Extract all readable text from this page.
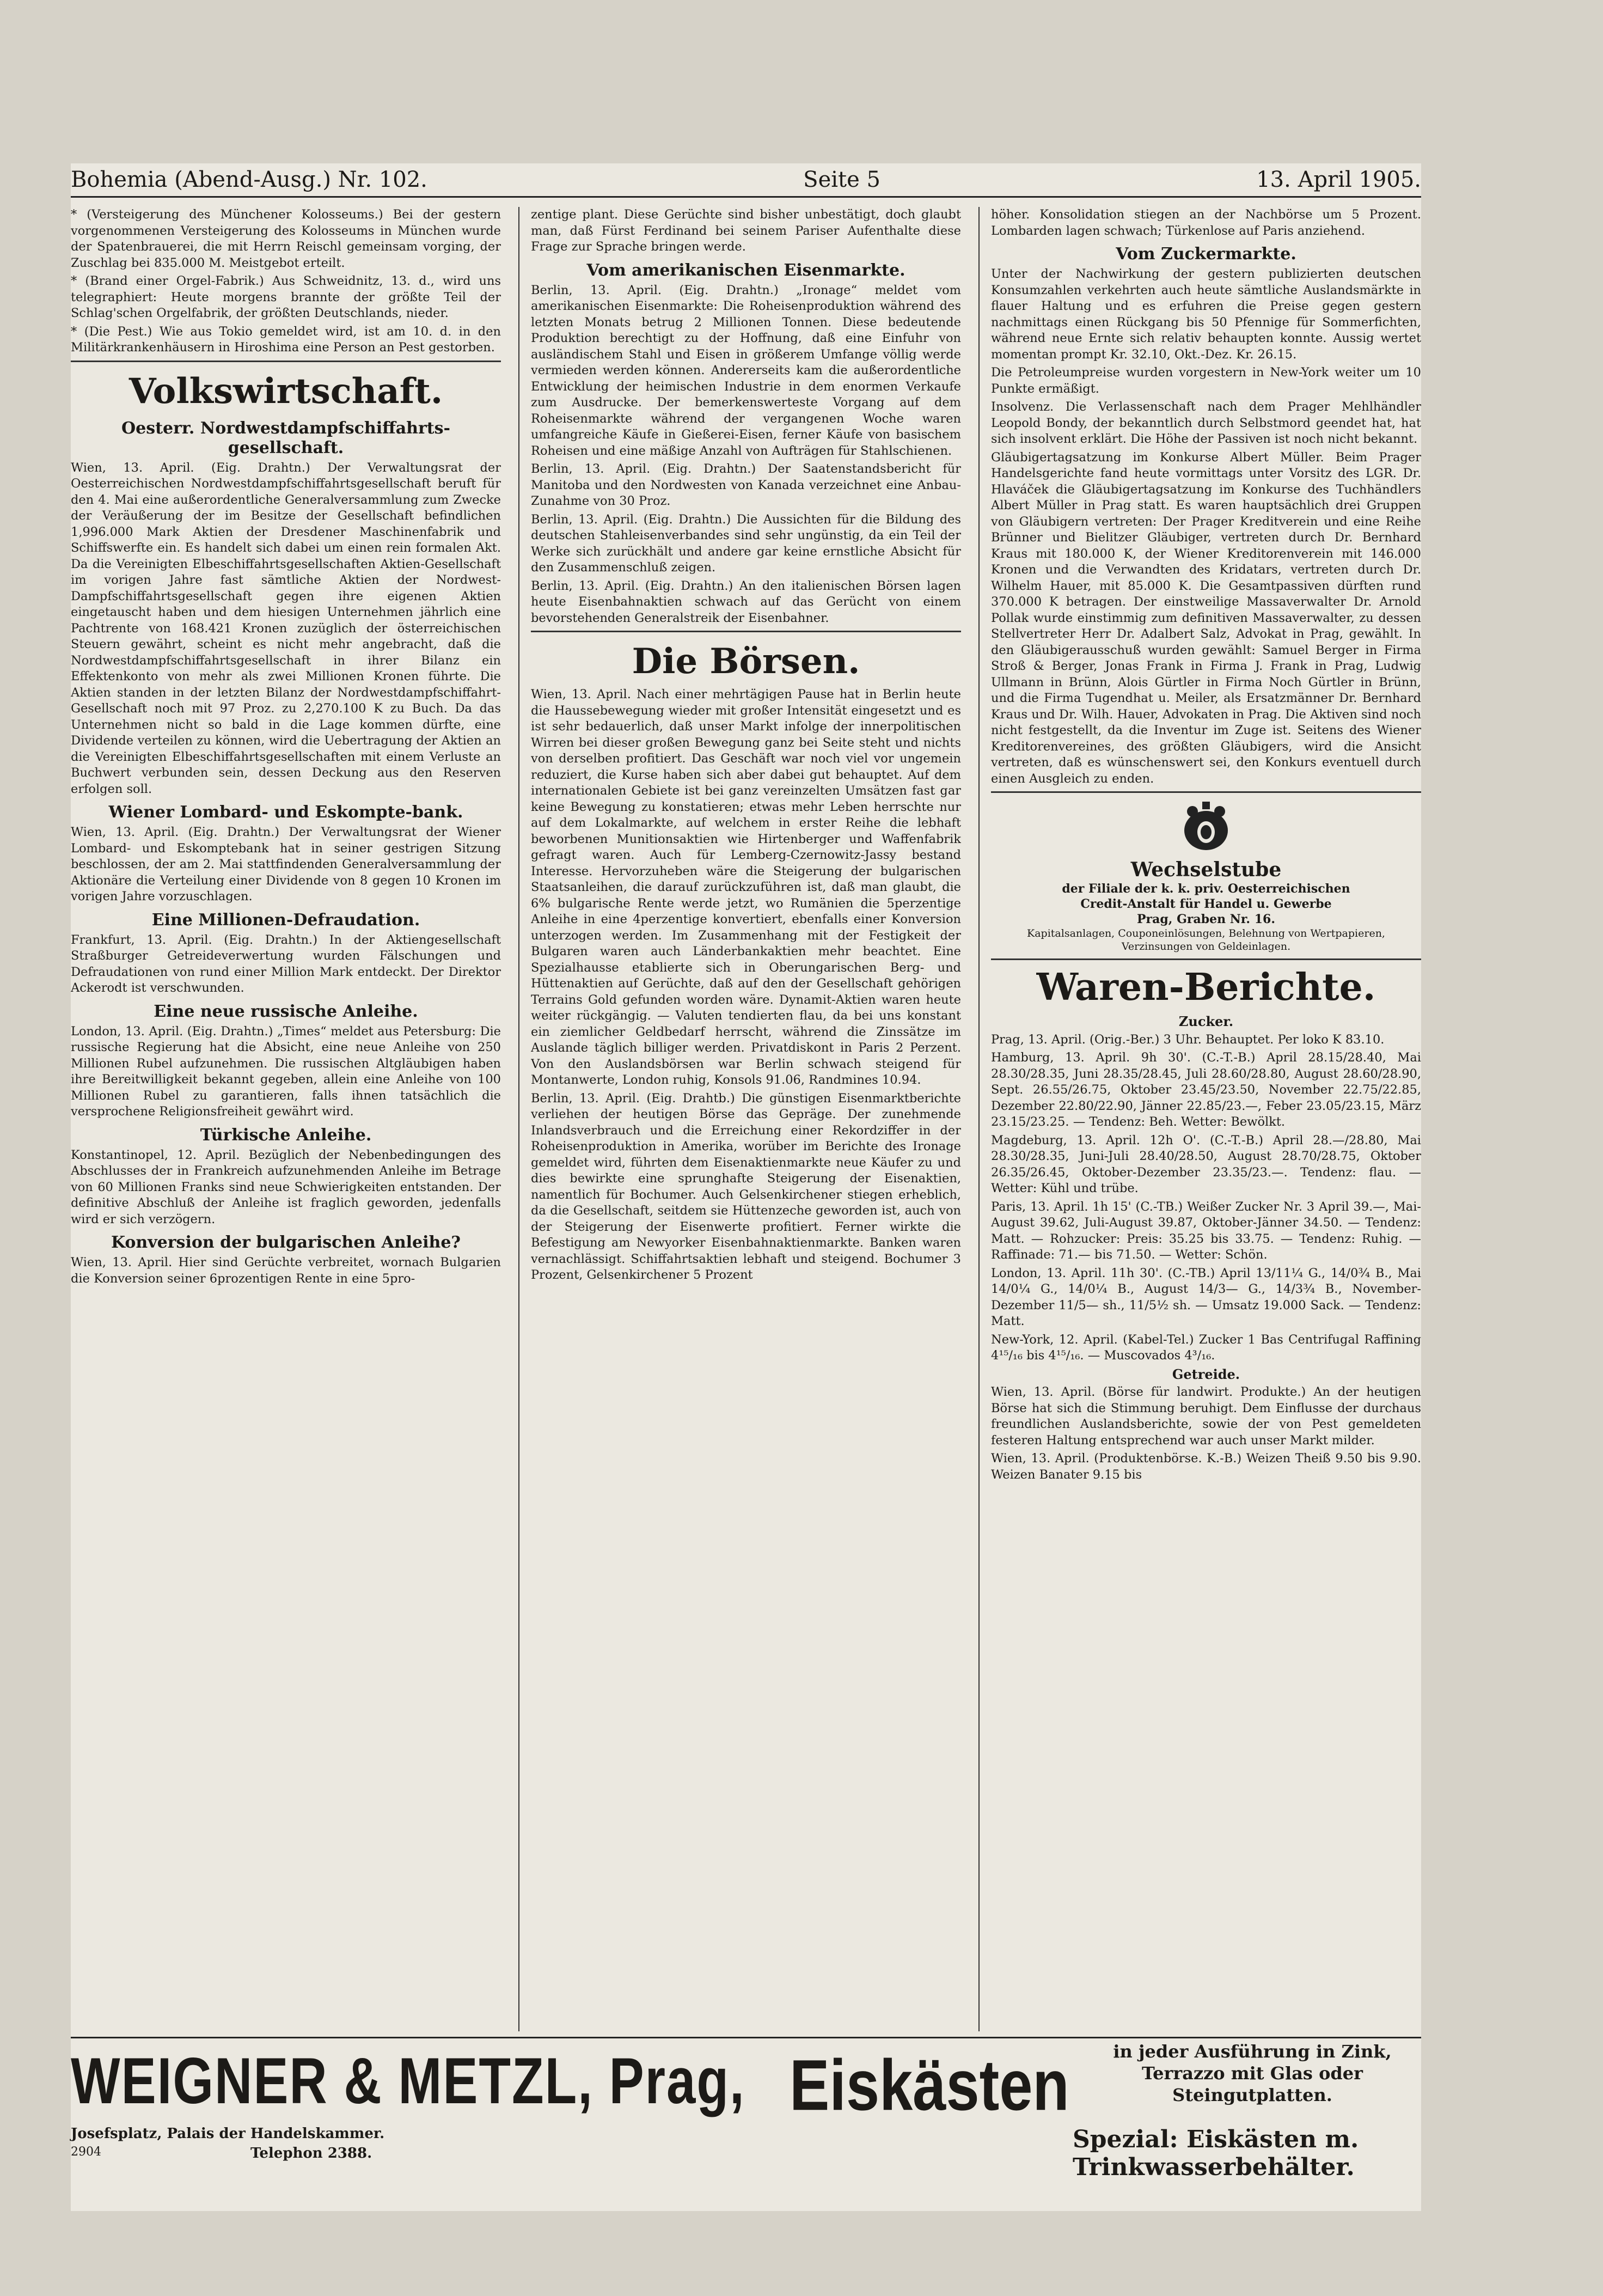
Bohemia (Abend-Ausg.) Nr. 102.	Seite 5	13. April 1905.

* (Versteigerung des Münchener Kolosseums.) Bei der gestern vorgenommenen Versteigerung des Kolosseums in München wurde der Spatenbrauerei, die mit Herrn Reischl gemeinsam vorging, der Zuschlag bei 835.000 M. Meistgebot erteilt.

* (Brand einer Orgel-Fabrik.) Aus Schweidnitz, 13. d., wird uns telegraphiert: Heute morgens brannte der größte Teil der Schlag'schen Orgelfabrik, der größten Deutschlands, nieder.

* (Die Pest.) Wie aus Tokio gemeldet wird, ist am 10. d. in den Militärkrankenhäusern in Hiroshima eine Person an Pest gestorben.

Volkswirtschaft.
Oesterr. Nordwestdampfschiffahrts-gesellschaft.

Wien, 13. April. (Eig. Drahtn.) Der Verwaltungsrat der Oesterreichischen Nordwestdampfschiffahrtsgesellschaft beruft für den 4. Mai eine außerordentliche Generalversammlung zum Zwecke der Veräußerung der im Besitze der Gesellschaft befindlichen 1,996.000 Mark Aktien der Dresdener Maschinenfabrik und Schiffswerfte ein. Es handelt sich dabei um einen rein formalen Akt. Da die Vereinigten Elbeschiffahrtsgesellschaften Aktien-Gesellschaft im vorigen Jahre fast sämtliche Aktien der Nordwest-Dampfschiffahrtsgesellschaft gegen ihre eigenen Aktien eingetauscht haben und dem hiesigen Unternehmen jährlich eine Pachtrente von 168.421 Kronen zuzüglich der österreichischen Steuern gewährt, scheint es nicht mehr angebracht, daß die Nordwestdampfschiffahrtsgesellschaft in ihrer Bilanz ein Effektenkonto von mehr als zwei Millionen Kronen führte. Die Aktien standen in der letzten Bilanz der Nordwestdampfschiffahrt-Gesellschaft noch mit 97 Proz. zu 2,270.100 K zu Buch. Da das Unternehmen nicht so bald in die Lage kommen dürfte, eine Dividende verteilen zu können, wird die Uebertragung der Aktien an die Vereinigten Elbeschiffahrtsgesellschaften mit einem Verluste an Buchwert verbunden sein, dessen Deckung aus den Reserven erfolgen soll.

Wiener Lombard- und Eskompte-bank.

Wien, 13. April. (Eig. Drahtn.) Der Verwaltungsrat der Wiener Lombard- und Eskomptebank hat in seiner gestrigen Sitzung beschlossen, der am 2. Mai stattfindenden Generalversammlung der Aktionäre die Verteilung einer Dividende von 8 gegen 10 Kronen im vorigen Jahre vorzuschlagen.

Eine Millionen-Defraudation.

Frankfurt, 13. April. (Eig. Drahtn.) In der Aktiengesellschaft Straßburger Getreideverwertung wurden Fälschungen und Defraudationen von rund einer Million Mark entdeckt. Der Direktor Ackerodt ist verschwunden.

Eine neue russische Anleihe.

London, 13. April. (Eig. Drahtn.) „Times“ meldet aus Petersburg: Die russische Regierung hat die Absicht, eine neue Anleihe von 250 Millionen Rubel aufzunehmen. Die russischen Altgläubigen haben ihre Bereitwilligkeit bekannt gegeben, allein eine Anleihe von 100 Millionen Rubel zu garantieren, falls ihnen tatsächlich die versprochene Religionsfreiheit gewährt wird.

Türkische Anleihe.

Konstantinopel, 12. April. Bezüglich der Nebenbedingungen des Abschlusses der in Frankreich aufzunehmenden Anleihe im Betrage von 60 Millionen Franks sind neue Schwierigkeiten entstanden. Der definitive Abschluß der Anleihe ist fraglich geworden, jedenfalls wird er sich verzögern.

Konversion der bulgarischen Anleihe?

Wien, 13. April. Hier sind Gerüchte verbreitet, wornach Bulgarien die Konversion seiner 6prozentigen Rente in eine 5pro-

zentige plant. Diese Gerüchte sind bisher unbestätigt, doch glaubt man, daß Fürst Ferdinand bei seinem Pariser Aufenthalte diese Frage zur Sprache bringen werde.

Vom amerikanischen Eisenmarkte.

Berlin, 13. April. (Eig. Drahtn.) „Ironage“ meldet vom amerikanischen Eisenmarkte: Die Roheisenproduktion während des letzten Monats betrug 2 Millionen Tonnen. Diese bedeutende Produktion berechtigt zu der Hoffnung, daß eine Einfuhr von ausländischem Stahl und Eisen in größerem Umfange völlig werde vermieden werden können. Andererseits kam die außerordentliche Entwicklung der heimischen Industrie in dem enormen Verkaufe zum Ausdrucke. Der bemerkenswerteste Vorgang auf dem Roheisenmarkte während der vergangenen Woche waren umfangreiche Käufe in Gießerei-Eisen, ferner Käufe von basischem Roheisen und eine mäßige Anzahl von Aufträgen für Stahlschienen.

Berlin, 13. April. (Eig. Drahtn.) Der Saatenstandsbericht für Manitoba und den Nordwesten von Kanada verzeichnet eine Anbau-Zunahme von 30 Proz.

Berlin, 13. April. (Eig. Drahtn.) Die Aussichten für die Bildung des deutschen Stahleisenverbandes sind sehr ungünstig, da ein Teil der Werke sich zurückhält und andere gar keine ernstliche Absicht für den Zusammenschluß zeigen.

Berlin, 13. April. (Eig. Drahtn.) An den italienischen Börsen lagen heute Eisenbahnaktien schwach auf das Gerücht von einem bevorstehenden Generalstreik der Eisenbahner.

Die Börsen.

Wien, 13. April. Nach einer mehrtägigen Pause hat in Berlin heute die Haussebewegung wieder mit großer Intensität eingesetzt und es ist sehr bedauerlich, daß unser Markt infolge der innerpolitischen Wirren bei dieser großen Bewegung ganz bei Seite steht und nichts von derselben profitiert. Das Geschäft war noch viel vor ungemein reduziert, die Kurse haben sich aber dabei gut behauptet. Auf dem internationalen Gebiete ist bei ganz vereinzelten Umsätzen fast gar keine Bewegung zu konstatieren; etwas mehr Leben herrschte nur auf dem Lokalmarkte, auf welchem in erster Reihe die lebhaft beworbenen Munitionsaktien wie Hirtenberger und Waffenfabrik gefragt waren. Auch für Lemberg-Czernowitz-Jassy bestand Interesse. Hervorzuheben wäre die Steigerung der bulgarischen Staatsanleihen, die darauf zurückzuführen ist, daß man glaubt, die 6% bulgarische Rente werde jetzt, wo Rumänien die 5perzentige Anleihe in eine 4perzentige konvertiert, ebenfalls einer Konversion unterzogen werden. Im Zusammenhang mit der Festigkeit der Bulgaren waren auch Länderbankaktien mehr beachtet. Eine Spezialhausse etablierte sich in Oberungarischen Berg- und Hüttenaktien auf Gerüchte, daß auf den der Gesellschaft gehörigen Terrains Gold gefunden worden wäre. Dynamit-Aktien waren heute weiter rückgängig. — Valuten tendierten flau, da bei uns konstant ein ziemlicher Geldbedarf herrscht, während die Zinssätze im Auslande täglich billiger werden. Privatdiskont in Paris 2 Perzent. Von den Auslandsbörsen war Berlin schwach steigend für Montanwerte, London ruhig, Konsols 91.06, Randmines 10.94.

Berlin, 13. April. (Eig. Drahtb.) Die günstigen Eisenmarktberichte verliehen der heutigen Börse das Gepräge. Der zunehmende Inlandsverbrauch und die Erreichung einer Rekordziffer in der Roheisenproduktion in Amerika, worüber im Berichte des Ironage gemeldet wird, führten dem Eisenaktienmarkte neue Käufer zu und dies bewirkte eine sprunghafte Steigerung der Eisenaktien, namentlich für Bochumer. Auch Gelsenkirchener stiegen erheblich, da die Gesellschaft, seitdem sie Hüttenzeche geworden ist, auch von der Steigerung der Eisenwerte profitiert. Ferner wirkte die Befestigung am Newyorker Eisenbahnaktienmarkte. Banken waren vernachlässigt. Schiffahrtsaktien lebhaft und steigend. Bochumer 3 Prozent, Gelsenkirchener 5 Prozent

höher. Konsolidation stiegen an der Nachbörse um 5 Prozent. Lombarden lagen schwach; Türkenlose auf Paris anziehend.

Vom Zuckermarkte.

Unter der Nachwirkung der gestern publizierten deutschen Konsumzahlen verkehrten auch heute sämtliche Auslandsmärkte in flauer Haltung und es erfuhren die Preise gegen gestern nachmittags einen Rückgang bis 50 Pfennige für Sommerfichten, während neue Ernte sich relativ behaupten konnte. Aussig wertet momentan prompt Kr. 32.10, Okt.-Dez. Kr. 26.15.

Die Petroleumpreise wurden vorgestern in New-York weiter um 10 Punkte ermäßigt.

Insolvenz. Die Verlassenschaft nach dem Prager Mehlhändler Leopold Bondy, der bekanntlich durch Selbstmord geendet hat, hat sich insolvent erklärt. Die Höhe der Passiven ist noch nicht bekannt.

Gläubigertagsatzung im Konkurse Albert Müller. Beim Prager Handelsgerichte fand heute vormittags unter Vorsitz des LGR. Dr. Hlaváček die Gläubigertagsatzung im Konkurse des Tuchhändlers Albert Müller in Prag statt. Es waren hauptsächlich drei Gruppen von Gläubigern vertreten: Der Prager Kreditverein und eine Reihe Brünner und Bielitzer Gläubiger, vertreten durch Dr. Bernhard Kraus mit 180.000 K, der Wiener Kreditorenverein mit 146.000 Kronen und die Verwandten des Kridatars, vertreten durch Dr. Wilhelm Hauer, mit 85.000 K. Die Gesamtpassiven dürften rund 370.000 K betragen. Der einstweilige Massaverwalter Dr. Arnold Pollak wurde einstimmig zum definitiven Massaverwalter, zu dessen Stellvertreter Herr Dr. Adalbert Salz, Advokat in Prag, gewählt. In den Gläubigerausschuß wurden gewählt: Samuel Berger in Firma Stroß & Berger, Jonas Frank in Firma J. Frank in Prag, Ludwig Ullmann in Brünn, Alois Gürtler in Firma Noch Gürtler in Brünn, und die Firma Tugendhat u. Meiler, als Ersatzmänner Dr. Bernhard Kraus und Dr. Wilh. Hauer, Advokaten in Prag. Die Aktiven sind noch nicht festgestellt, da die Inventur im Zuge ist. Seitens des Wiener Kreditorenvereines, des größten Gläubigers, wird die Ansicht vertreten, daß es wünschenswert sei, den Konkurs eventuell durch einen Ausgleich zu enden.

Wechselstube
der Filiale der k. k. priv. Oesterreichischen
Credit-Anstalt für Handel u. Gewerbe
Prag, Graben Nr. 16.
Kapitalsanlagen, Couponeinlösungen, Belehnung von Wertpapieren, Verzinsungen von Geldeinlagen.
Waren-Berichte.
Zucker.

Prag, 13. April. (Orig.-Ber.) 3 Uhr. Behauptet. Per loko K 83.10.

Hamburg, 13. April. 9h 30'. (C.-T.-B.) April 28.15/28.40, Mai 28.30/28.35, Juni 28.35/28.45, Juli 28.60/28.80, August 28.60/28.90, Sept. 26.55/26.75, Oktober 23.45/23.50, November 22.75/22.85, Dezember 22.80/22.90, Jänner 22.85/23.—, Feber 23.05/23.15, März 23.15/23.25. — Tendenz: Beh. Wetter: Bewölkt.

Magdeburg, 13. April. 12h O'. (C.-T.-B.) April 28.—/28.80, Mai 28.30/28.35, Juni-Juli 28.40/28.50, August 28.70/28.75, Oktober 26.35/26.45, Oktober-Dezember 23.35/23.—. Tendenz: flau. — Wetter: Kühl und trübe.

Paris, 13. April. 1h 15' (C.-TB.) Weißer Zucker Nr. 3 April 39.—, Mai-August 39.62, Juli-August 39.87, Oktober-Jänner 34.50. — Tendenz: Matt. — Rohzucker: Preis: 35.25 bis 33.75. — Tendenz: Ruhig. — Raffinade: 71.— bis 71.50. — Wetter: Schön.

London, 13. April. 11h 30'. (C.-TB.) April 13/11¼ G., 14/0¾ B., Mai 14/0¼ G., 14/0¼ B., August 14/3— G., 14/3¾ B., November-Dezember 11/5— sh., 11/5½ sh. — Umsatz 19.000 Sack. — Tendenz: Matt.

New-York, 12. April. (Kabel-Tel.) Zucker 1 Bas Centrifugal Raffining 4¹⁵/₁₆ bis 4¹⁵/₁₆. — Muscovados 4³/₁₆.

Getreide.

Wien, 13. April. (Börse für landwirt. Produkte.) An der heutigen Börse hat sich die Stimmung beruhigt. Dem Einflusse der durchaus freundlichen Auslandsberichte, sowie der von Pest gemeldeten festeren Haltung entsprechend war auch unser Markt milder.

Wien, 13. April. (Produktenbörse. K.-B.) Weizen Theiß 9.50 bis 9.90. Weizen Banater 9.15 bis

WEIGNER & METZL, Prag, Eiskästen	in jeder Ausführung in Zink, Terrazzo mit Glas oder Steingutplatten.
Josefsplatz, Palais der Handelskammer.
2904	Telephon 2388.	Spezial: Eiskästen m. Trinkwasserbehälter.
